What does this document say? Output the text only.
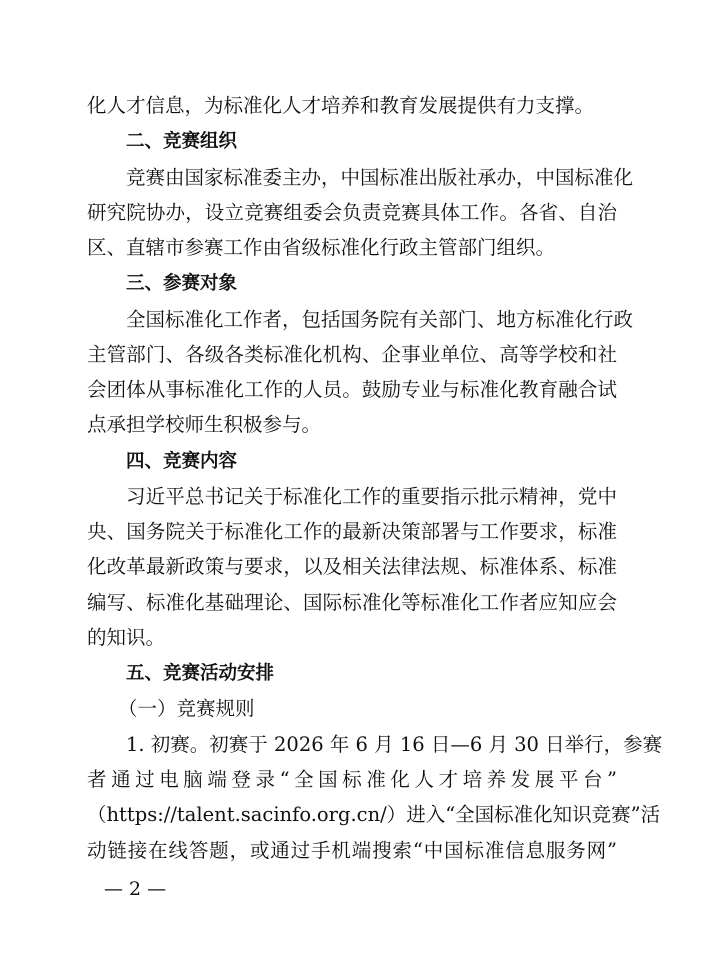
化人才信息，为标准化人才培养和教育发展提供有力支撑。
二、竞赛组织
竞赛由国家标准委主办，中国标准出版社承办，中国标准化
研究院协办，设立竞赛组委会负责竞赛具体工作。各省、自治
区、直辖市参赛工作由省级标准化行政主管部门组织。
三、参赛对象
全国标准化工作者，包括国务院有关部门、地方标准化行政
主管部门、各级各类标准化机构、企事业单位、高等学校和社
会团体从事标准化工作的人员。鼓励专业与标准化教育融合试
点承担学校师生积极参与。
四、竞赛内容
习近平总书记关于标准化工作的重要指示批示精神，党中
央、国务院关于标准化工作的最新决策部署与工作要求，标准
化改革最新政策与要求，以及相关法律法规、标准体系、标准
编写、标准化基础理论、国际标准化等标准化工作者应知应会
的知识。
五、竞赛活动安排
（一）竞赛规则
1. 初赛。初赛于 2026 年 6 月 16 日—6 月 30 日举行，参赛
者通过电脑端登录“全国标准化人才培养发展平台”
（https://talent.sacinfo.org.cn/）进入“全国标准化知识竞赛”活
动链接在线答题，或通过手机端搜索“中国标准信息服务网”
— 2 —
